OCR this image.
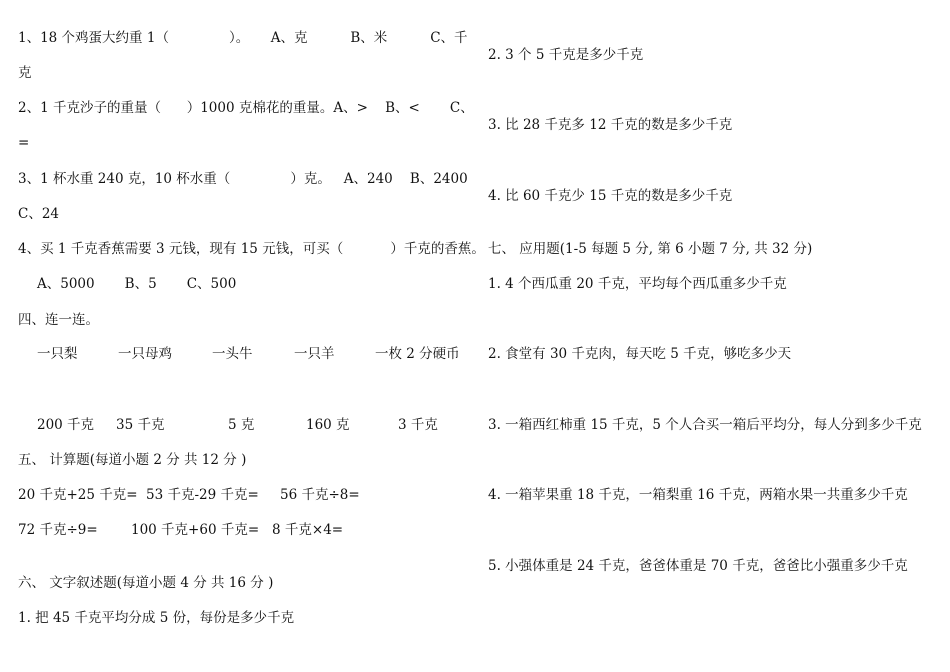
1、18 个鸡蛋大约重 1（              ）。     A、克          B、米          C、千
克
2、1 千克沙子的重量（      ）1000 克棉花的重量。A、>    B、<       C、
=
3、1 杯水重 240 克，10 杯水重（              ）克。   A、240    B、2400
C、24
4、买 1 千克香蕉需要 3 元钱，现有 15 元钱，可买（           ）千克的香蕉。
A、5000       B、5       C、500
四、连一连。
一只梨	一只母鸡	一头牛	一只羊	一枚 2 分硬币
200 千克 35 千克	5 克	160 克	3 千克
五、 计算题(每道小题 2 分 共 12 分 )
20 千克+25 千克= 53 千克-29 千克= 56 千克÷8=
72 千克÷9= 100 千克+60 千克= 8 千克×4=
六、 文字叙述题(每道小题 4 分 共 16 分 )
1. 把 45 千克平均分成 5 份，每份是多少千克
2. 3 个 5 千克是多少千克
3. 比 28 千克多 12 千克的数是多少千克
4. 比 60 千克少 15 千克的数是多少千克
七、 应用题(1-5 每题 5 分, 第 6 小题 7 分, 共 32 分)
1. 4 个西瓜重 20 千克，平均每个西瓜重多少千克
2. 食堂有 30 千克肉，每天吃 5 千克，够吃多少天
3. 一箱西红柿重 15 千克，5 个人合买一箱后平均分，每人分到多少千克
4. 一箱苹果重 18 千克，一箱梨重 16 千克，两箱水果一共重多少千克
5. 小强体重是 24 千克，爸爸体重是 70 千克，爸爸比小强重多少千克
